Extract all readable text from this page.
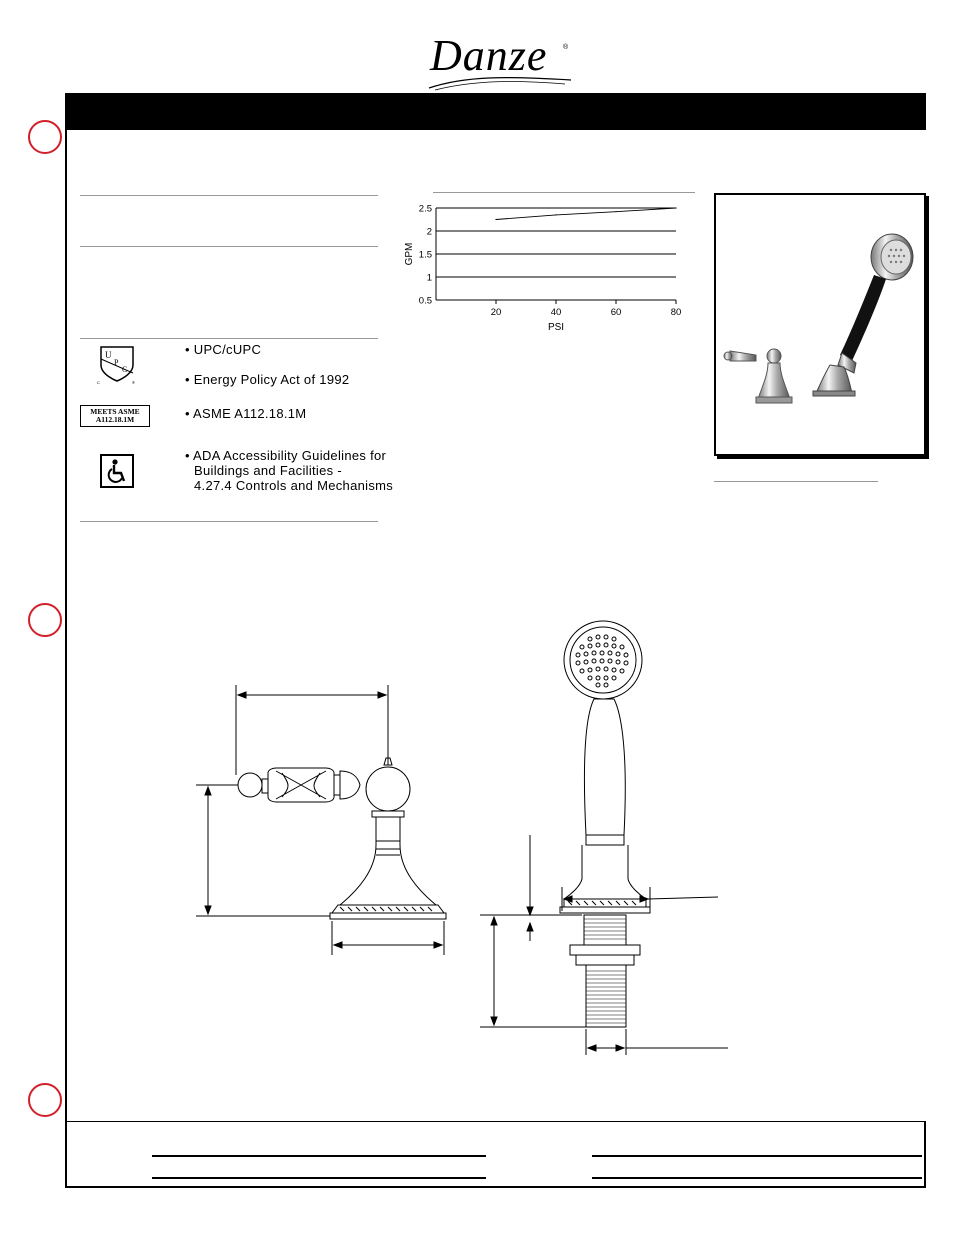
Danze ®
U
P
C
C	®
MEETS ASME
A112.18.1M
• UPC/cUPC
• Energy Policy Act of 1992
• ASME A112.18.1M
• ADA Accessibility Guidelines for
Buildings and Facilities -
4.27.4 Controls and Mechanisms
0.5
1
1.5
2
2.5
20	40	60	80
PSI
GPM
